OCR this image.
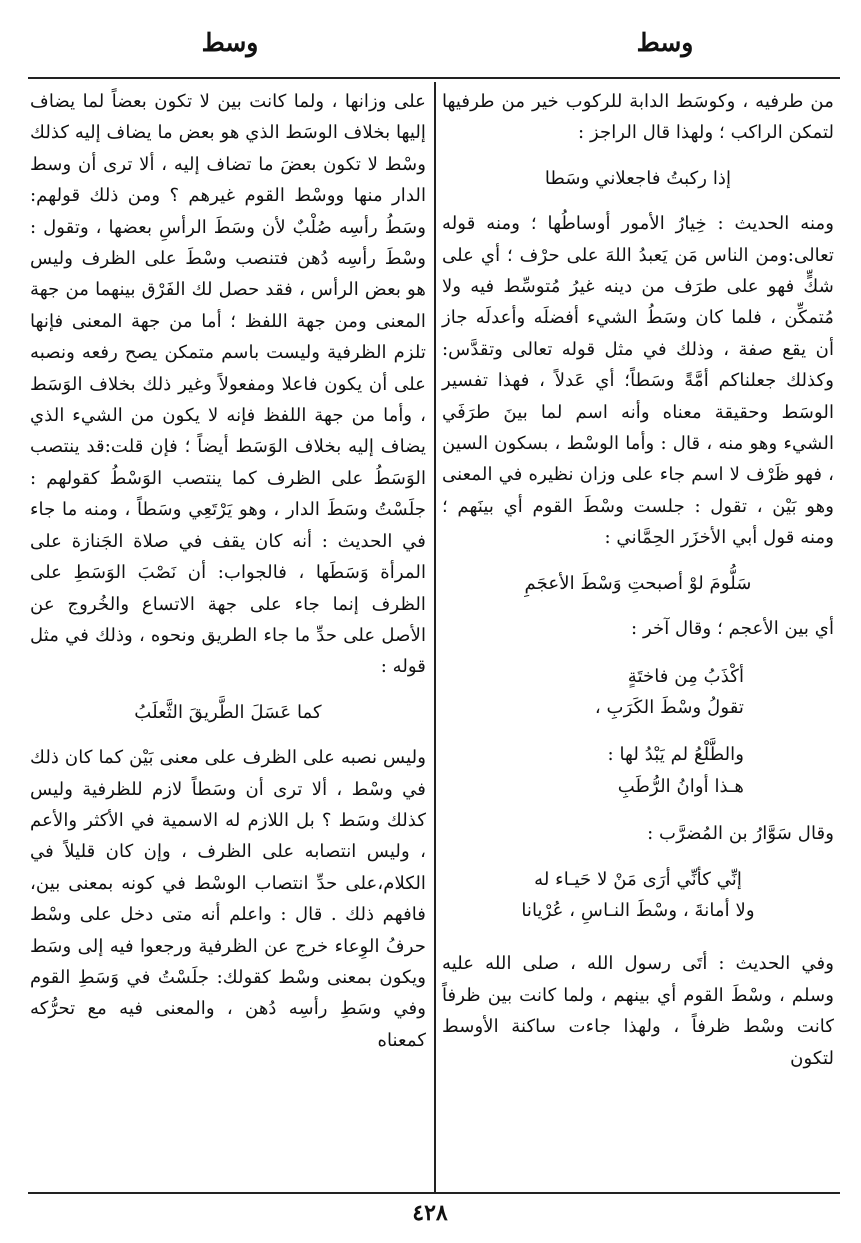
وسط
وسط

من طرفيه ، وكوسَط الدابة للركوب خير من طرفيها لتمكن الراكب ؛ ولهذا قال الراجز :

إذا ركبتُ فاجعلاني وسَطا

ومنه الحديث : خِيارُ الأمور أوساطُها ؛ ومنه قوله تعالى:ومن الناس مَن يَعبدُ اللهَ على حرْف ؛ أي على شكٍّ فهو على طرَف من دينه غيرُ مُتوسِّط فيه ولا مُتمكِّن ، فلما كان وسَطُ الشيء أفضلَه وأعدلَه جاز أن يقع صفة ، وذلك في مثل قوله تعالى وتقدَّس: وكذلك جعلناكم أمَّةً وسَطاً؛ أي عَدلاً ، فهذا تفسير الوسَط وحقيقة معناه وأنه اسم لما بينَ طرَفَي الشيء وهو منه ، قال : وأما الوسْط ، بسكون السين ، فهو ظَرْف لا اسم جاء على وزان نظيره في المعنى وهو بَيْن ، تقول : جلست وسْطَ القوم أي بينَهم ؛ ومنه قول أبي الأخزَر الحِمَّاني :

سَلُّومَ لوْ أصبحتِ وَسْطَ الأعجَمِ

أي بين الأعجم ؛ وقال آخر :

أكْذَبُ مِن فاختَةٍ

تقولُ وسْطَ الكَرَبِ ،

والطَّلْعُ لم يَبْدُ لها :

هـذا أوانُ الرُّطَبِ

وقال سَوَّارُ بن المُضرَّب :

إنِّي كأنِّي أرَى مَنْ لا حَيـاء له

ولا أمانةَ ، وسْطَ النـاسِ ، عُرْيانا

وفي الحديث : أتَى رسول الله ، صلى الله عليه وسلم ، وسْطَ القوم أي بينهم ، ولما كانت بين ظرفاً كانت وسْط ظرفاً ، ولهذا جاءت ساكنة الأوسط لتكون

على وزانها ، ولما كانت بين لا تكون بعضاً لما يضاف إليها بخلاف الوسَط الذي هو بعض ما يضاف إليه كذلك وسْط لا تكون بعضَ ما تضاف إليه ، ألا ترى أن وسط الدار منها ووسْط القوم غيرهم ؟ ومن ذلك قولهم: وسَطُ رأسِه صُلْبٌ لأن وسَطَ الرأسِ بعضها ، وتقول : وسْطَ رأسِه دُهن فتنصب وسْطَ على الظرف وليس هو بعض الرأس ، فقد حصل لك الفَرْق بينهما من جهة المعنى ومن جهة اللفظ ؛ أما من جهة المعنى فإنها تلزم الظرفية وليست باسم متمكن يصح رفعه ونصبه على أن يكون فاعلا ومفعولاً وغير ذلك بخلاف الوَسَط ، وأما من جهة اللفظ فإنه لا يكون من الشيء الذي يضاف إليه بخلاف الوَسَط أيضاً ؛ فإن قلت:قد ينتصب الوَسَطُ على الظرف كما ينتصب الوَسْطُ كقولهم : جلَسْتُ وسَطَ الدار ، وهو يَرْتَعِي وسَطاً ، ومنه ما جاء في الحديث : أنه كان يقف في صلاة الجَنازة على المرأة وَسَطَها ، فالجواب: أن نَصْبَ الوَسَطِ على الظرف إنما جاء على جهة الاتساع والخُروج عن الأصل على حدِّ ما جاء الطريق ونحوه ، وذلك في مثل قوله :

كما عَسَلَ الطَّريقَ الثَّعلَبُ

وليس نصبه على الظرف على معنى بَيْن كما كان ذلك في وسْط ، ألا ترى أن وسَطاً لازم للظرفية وليس كذلك وسَط ؟ بل اللازم له الاسمية في الأكثر والأعم ، وليس انتصابه على الظرف ، وإن كان قليلاً في الكلام،على حدِّ انتصاب الوسْط في كونه بمعنى بين، فافهم ذلك . قال : واعلم أنه متى دخل على وسْط حرفُ الوِعاء خرج عن الظرفية ورجعوا فيه إلى وسَط ويكون بمعنى وسْط كقولك: جلَسْتُ في وَسَطِ القوم وفي وسَطِ رأسِه دُهن ، والمعنى فيه مع تحرُّكه كمعناه

٤٢٨
